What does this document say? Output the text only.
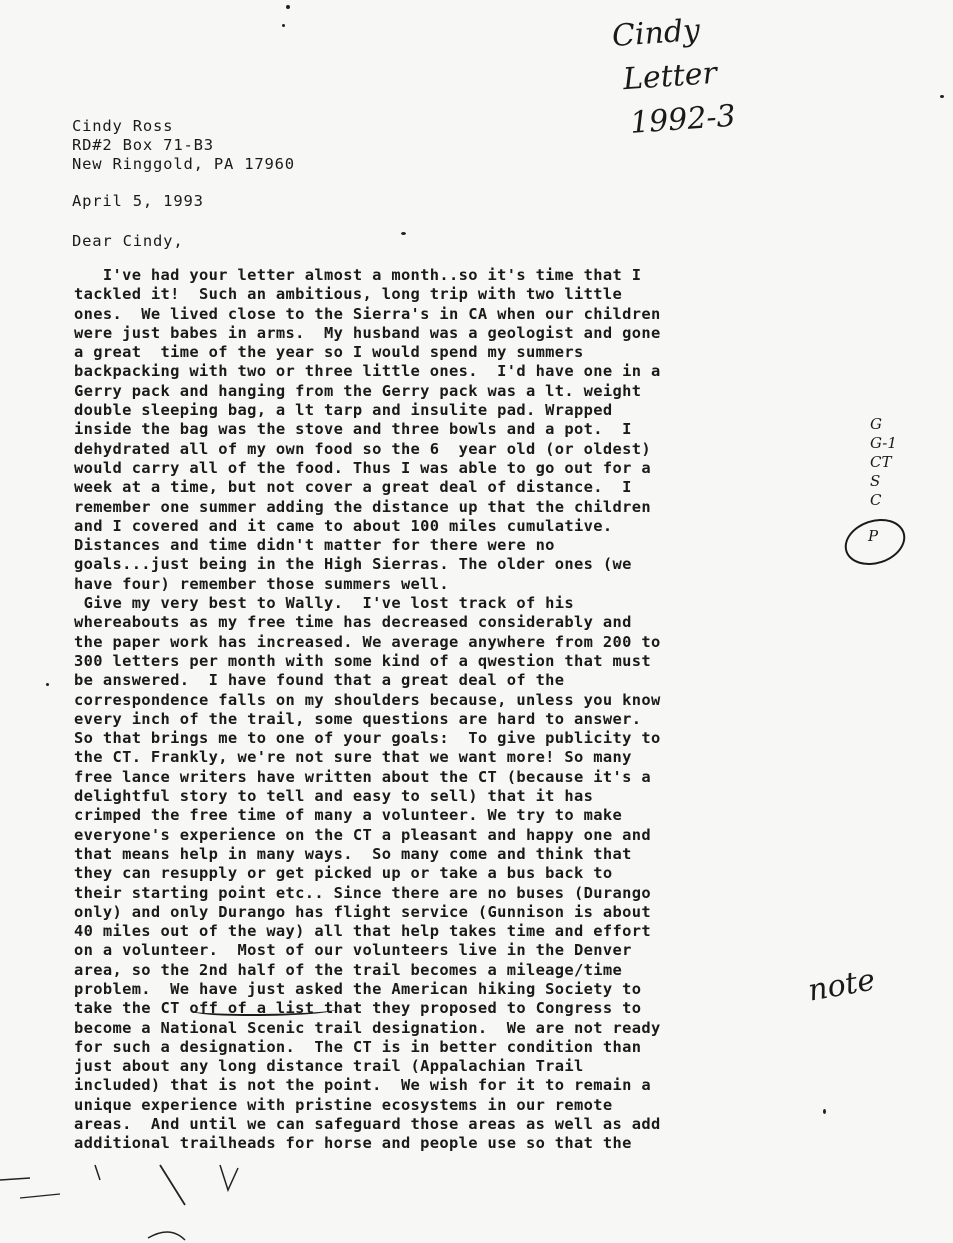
Cindy
Letter
1992-3
Cindy Ross
RD#2 Box 71-B3
New Ringgold, PA 17960
April 5, 1993
Dear Cindy,
I've had your letter almost a month..so it's time that I
tackled it!  Such an ambitious, long trip with two little
ones.  We lived close to the Sierra's in CA when our children
were just babes in arms.  My husband was a geologist and gone
a great  time of the year so I would spend my summers
backpacking with two or three little ones.  I'd have one in a
Gerry pack and hanging from the Gerry pack was a lt. weight
double sleeping bag, a lt tarp and insulite pad. Wrapped
inside the bag was the stove and three bowls and a pot.  I
dehydrated all of my own food so the 6  year old (or oldest)
would carry all of the food. Thus I was able to go out for a
week at a time, but not cover a great deal of distance.  I
remember one summer adding the distance up that the children
and I covered and it came to about 100 miles cumulative.
Distances and time didn't matter for there were no
goals...just being in the High Sierras. The older ones (we
have four) remember those summers well.
Give my very best to Wally.  I've lost track of his
whereabouts as my free time has decreased considerably and
the paper work has increased. We average anywhere from 200 to
300 letters per month with some kind of a qwestion that must
be answered.  I have found that a great deal of the
correspondence falls on my shoulders because, unless you know
every inch of the trail, some questions are hard to answer.
So that brings me to one of your goals:  To give publicity to
the CT. Frankly, we're not sure that we want more! So many
free lance writers have written about the CT (because it's a
delightful story to tell and easy to sell) that it has
crimped the free time of many a volunteer. We try to make
everyone's experience on the CT a pleasant and happy one and
that means help in many ways.  So many come and think that
they can resupply or get picked up or take a bus back to
their starting point etc.. Since there are no buses (Durango
only) and only Durango has flight service (Gunnison is about
40 miles out of the way) all that help takes time and effort
on a volunteer.  Most of our volunteers live in the Denver
area, so the 2nd half of the trail becomes a mileage/time
problem.  We have just asked the American hiking Society to
take the CT off of a list that they proposed to Congress to
become a National Scenic trail designation.  We are not ready
for such a designation.  The CT is in better condition than
just about any long distance trail (Appalachian Trail
included) that is not the point.  We wish for it to remain a
unique experience with pristine ecosystems in our remote
areas.  And until we can safeguard those areas as well as add
additional trailheads for horse and people use so that the
G
G-1
CT
S
C
P
note
